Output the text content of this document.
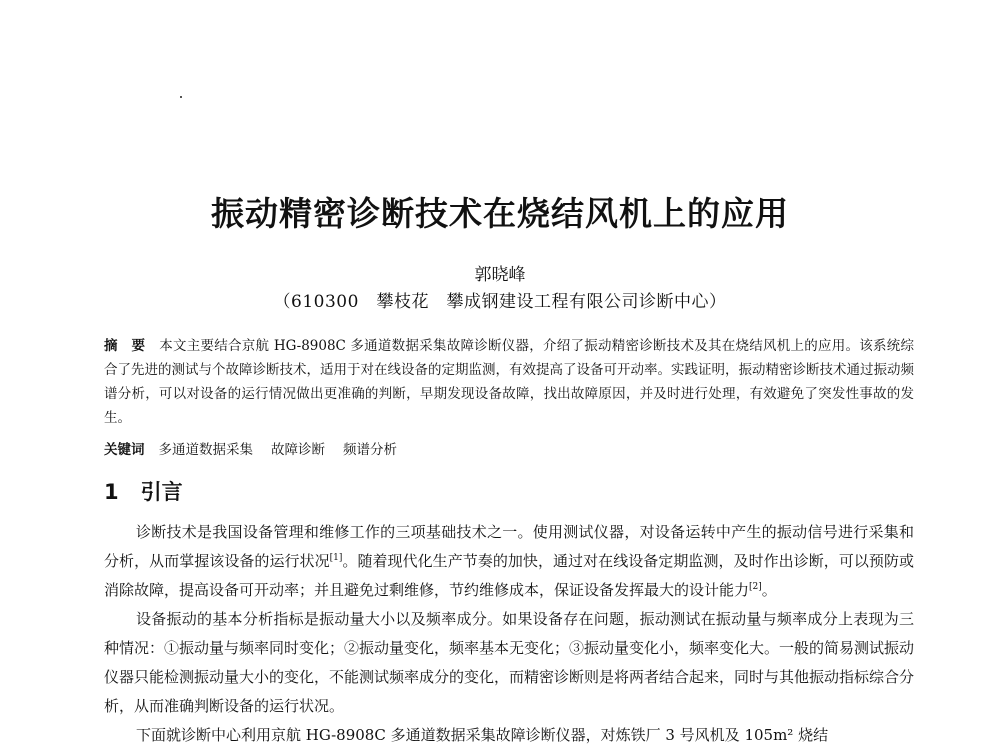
振动精密诊断技术在烧结风机上的应用
郭晓峰
（610300　攀枝花　攀成钢建设工程有限公司诊断中心）
摘　要 本文主要结合京航 HG-8908C 多通道数据采集故障诊断仪器，介绍了振动精密诊断技术及其在烧结风机上的应用。该系统综合了先进的测试与个故障诊断技术，适用于对在线设备的定期监测，有效提高了设备可开动率。实践证明，振动精密诊断技术通过振动频谱分析，可以对设备的运行情况做出更准确的判断，早期发现设备故障，找出故障原因，并及时进行处理，有效避免了突发性事故的发生。
关键词 多通道数据采集 故障诊断 频谱分析
1 引言

诊断技术是我国设备管理和维修工作的三项基础技术之一。使用测试仪器，对设备运转中产生的振动信号进行采集和分析，从而掌握该设备的运行状况[1]。随着现代化生产节奏的加快，通过对在线设备定期监测，及时作出诊断，可以预防或消除故障，提高设备可开动率；并且避免过剩维修，节约维修成本，保证设备发挥最大的设计能力[2]。

设备振动的基本分析指标是振动量大小以及频率成分。如果设备存在问题，振动测试在振动量与频率成分上表现为三种情况：①振动量与频率同时变化；②振动量变化，频率基本无变化；③振动量变化小，频率变化大。一般的简易测试振动仪器只能检测振动量大小的变化，不能测试频率成分的变化，而精密诊断则是将两者结合起来，同时与其他振动指标综合分析，从而准确判断设备的运行状况。

下面就诊断中心利用京航 HG-8908C 多通道数据采集故障诊断仪器，对炼铁厂 3 号风机及 105m² 烧结
